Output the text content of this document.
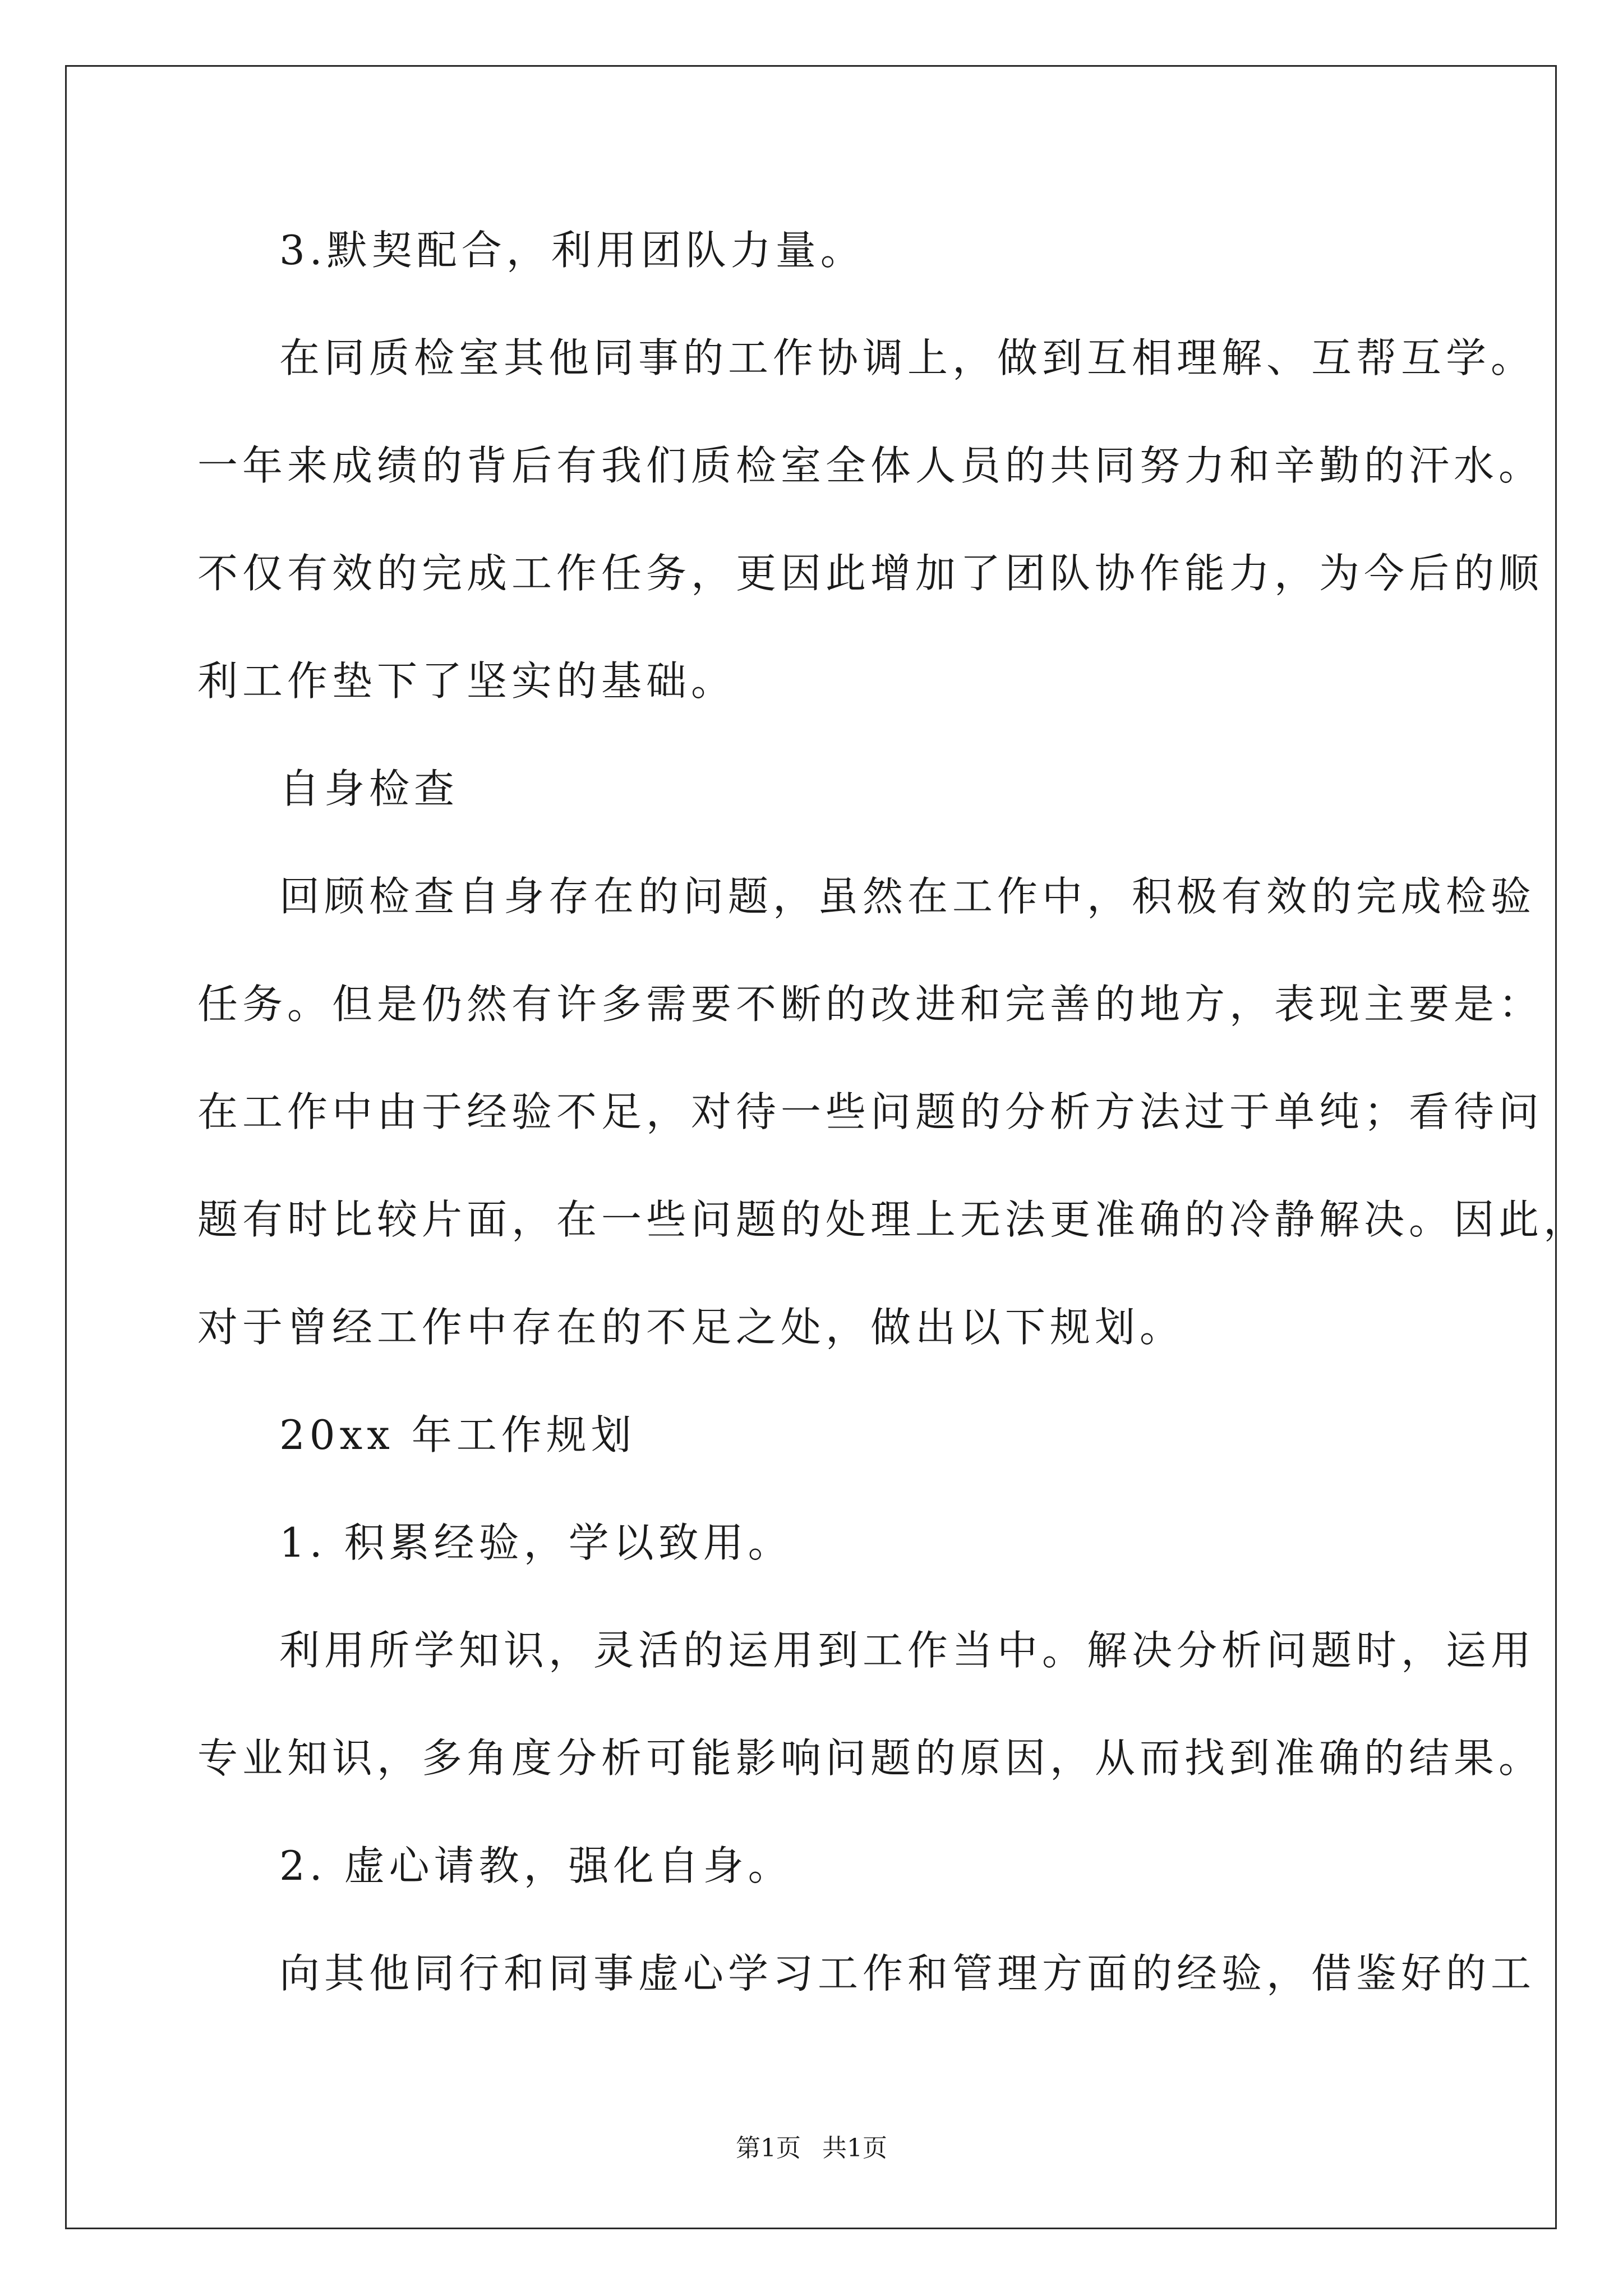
3.默契配合，利用团队力量。

在同质检室其他同事的工作协调上，做到互相理解、互帮互学。

一年来成绩的背后有我们质检室全体人员的共同努力和辛勤的汗水。

不仅有效的完成工作任务，更因此增加了团队协作能力，为今后的顺

利工作垫下了坚实的基础。

自身检查

回顾检查自身存在的问题，虽然在工作中，积极有效的完成检验

任务。但是仍然有许多需要不断的改进和完善的地方，表现主要是：

在工作中由于经验不足，对待一些问题的分析方法过于单纯；看待问

题有时比较片面，在一些问题的处理上无法更准确的冷静解决。因此，

对于曾经工作中存在的不足之处，做出以下规划。

20xx 年工作规划

1. 积累经验，学以致用。

利用所学知识，灵活的运用到工作当中。解决分析问题时，运用

专业知识，多角度分析可能影响问题的原因，从而找到准确的结果。

2. 虚心请教，强化自身。

向其他同行和同事虚心学习工作和管理方面的经验，借鉴好的工

第1页 共1页
